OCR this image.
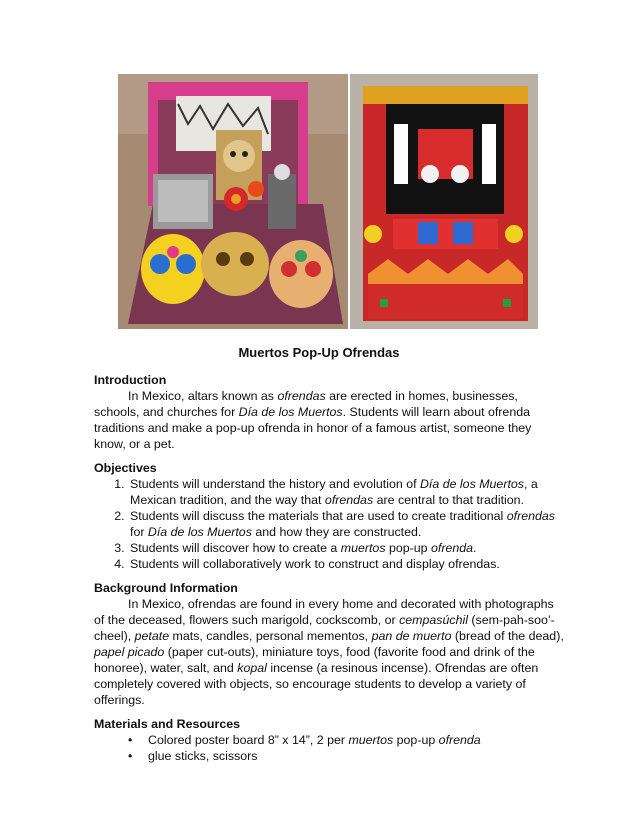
Muertos Pop-Up Ofrendas
Introduction

In Mexico, altars known as ofrendas are erected in homes, businesses, schools, and churches for Día de los Muertos. Students will learn about ofrenda traditions and make a pop-up ofrenda in honor of a famous artist, someone they know, or a pet.

Objectives
1. Students will understand the history and evolution of Día de los Muertos, a Mexican tradition, and the way that ofrendas are central to that tradition.
2. Students will discuss the materials that are used to create traditional ofrendas for Día de los Muertos and how they are constructed.
3. Students will discover how to create a muertos pop-up ofrenda.
4. Students will collaboratively work to construct and display ofrendas.
Background Information

In Mexico, ofrendas are found in every home and decorated with photographs of the deceased, flowers such marigold, cockscomb, or cempasúchil (sem-pah-soo’-cheel), petate mats, candles, personal mementos, pan de muerto (bread of the dead), papel picado (paper cut-outs), miniature toys, food (favorite food and drink of the honoree), water, salt, and kopal incense (a resinous incense). Ofrendas are often completely covered with objects, so encourage students to develop a variety of offerings.

Materials and Resources
• Colored poster board 8” x 14”, 2 per muertos pop-up ofrenda
• glue sticks, scissors
